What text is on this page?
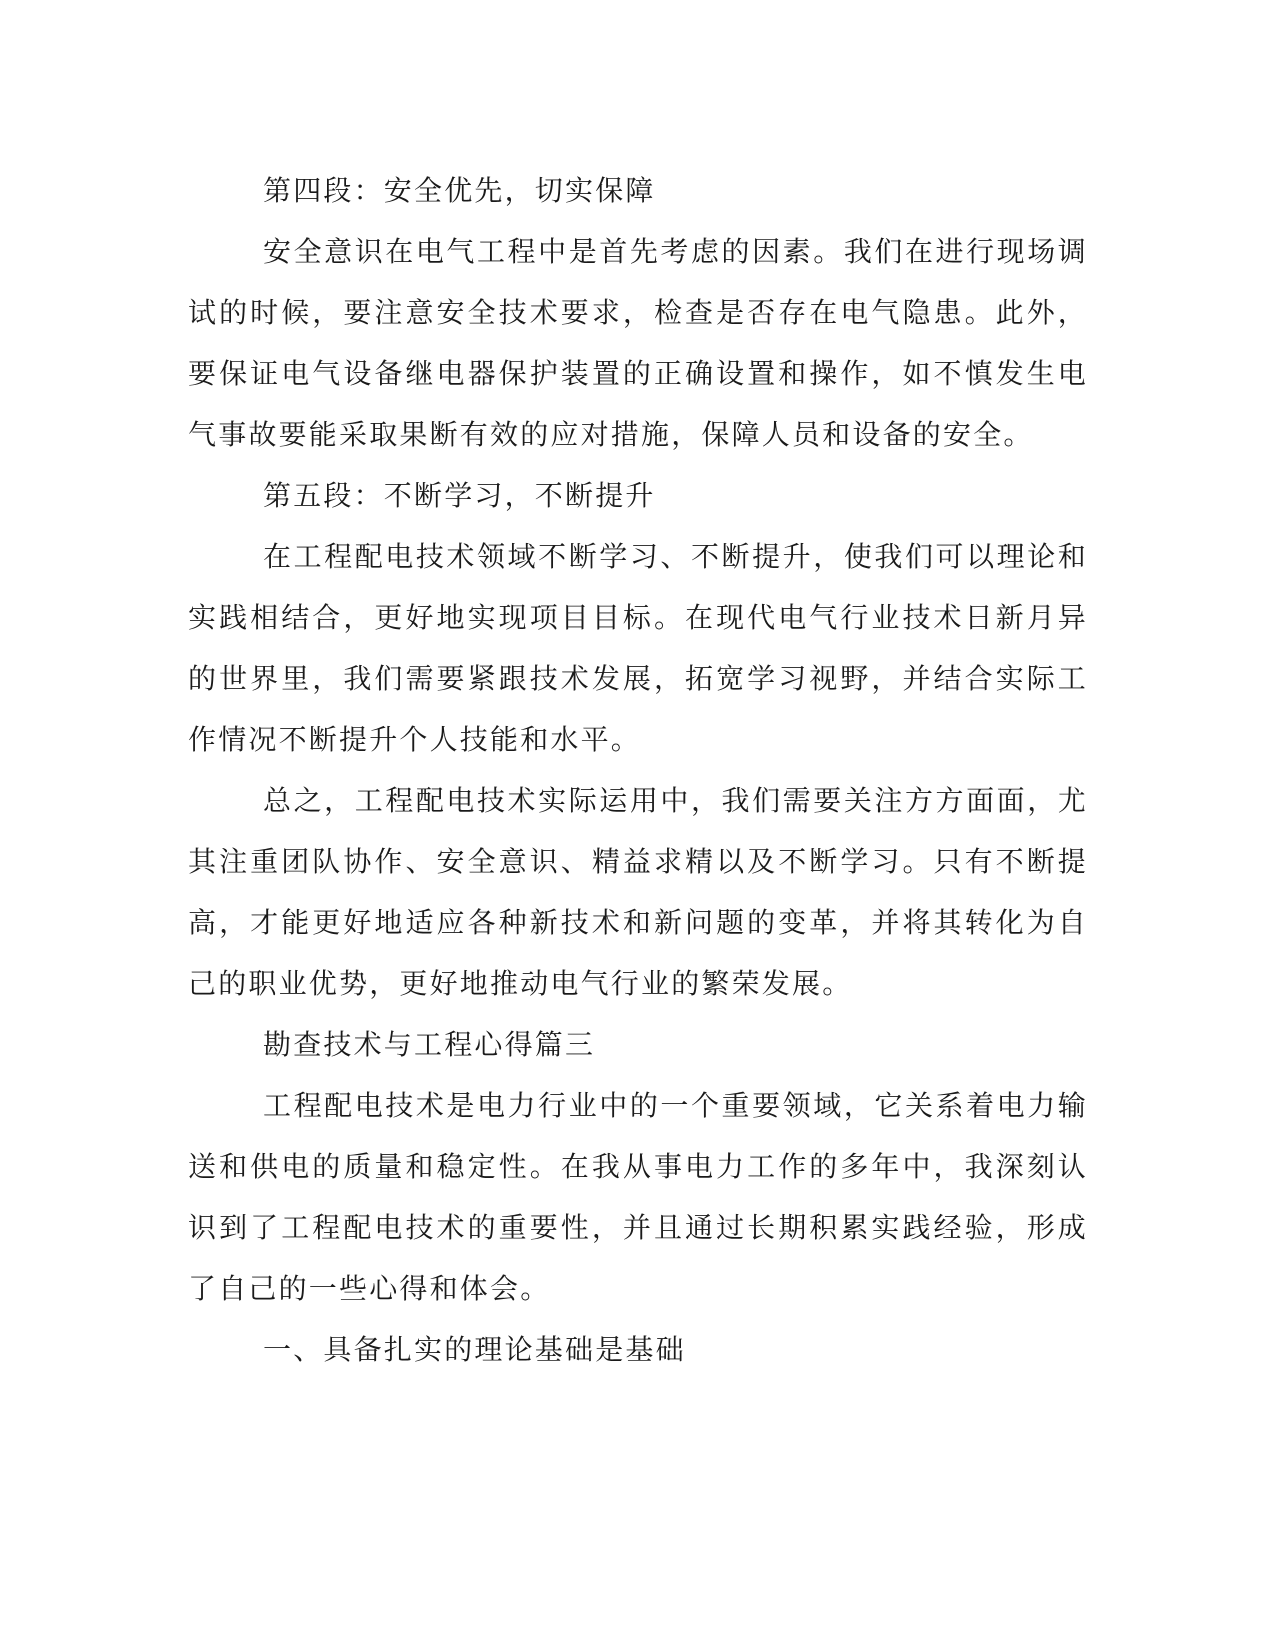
第四段：安全优先，切实保障

安全意识在电气工程中是首先考虑的因素。我们在进行现场调试的时候，要注意安全技术要求，检查是否存在电气隐患。此外，要保证电气设备继电器保护装置的正确设置和操作，如不慎发生电气事故要能采取果断有效的应对措施，保障人员和设备的安全。

第五段：不断学习，不断提升

在工程配电技术领域不断学习、不断提升，使我们可以理论和实践相结合，更好地实现项目目标。在现代电气行业技术日新月异的世界里，我们需要紧跟技术发展，拓宽学习视野，并结合实际工作情况不断提升个人技能和水平。

总之，工程配电技术实际运用中，我们需要关注方方面面，尤其注重团队协作、安全意识、精益求精以及不断学习。只有不断提高，才能更好地适应各种新技术和新问题的变革，并将其转化为自己的职业优势，更好地推动电气行业的繁荣发展。

勘查技术与工程心得篇三

工程配电技术是电力行业中的一个重要领域，它关系着电力输送和供电的质量和稳定性。在我从事电力工作的多年中，我深刻认识到了工程配电技术的重要性，并且通过长期积累实践经验，形成了自己的一些心得和体会。

一、具备扎实的理论基础是基础
